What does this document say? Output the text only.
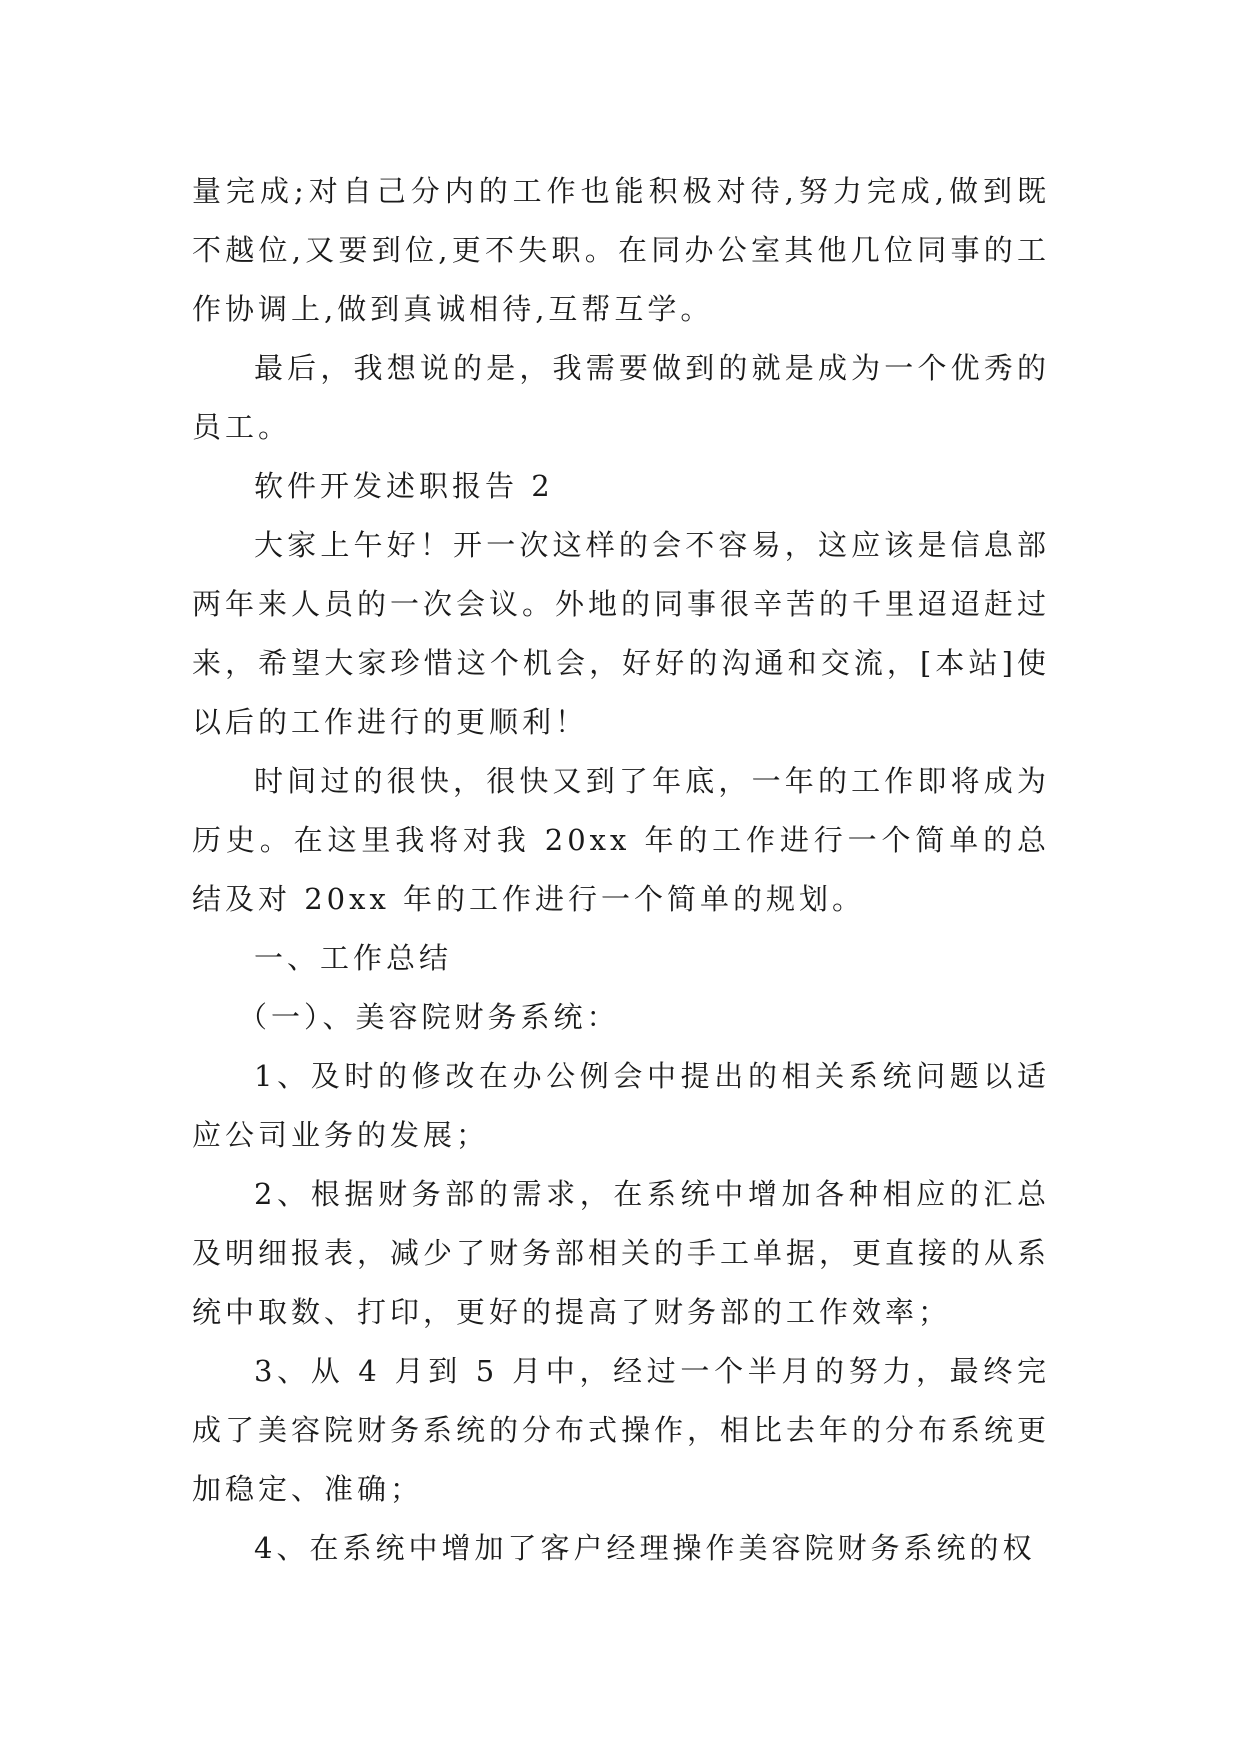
量完成;对自己分内的工作也能积极对待,努力完成,做到既不越位,又要到位,更不失职。在同办公室其他几位同事的工作协调上,做到真诚相待,互帮互学。

最后，我想说的是，我需要做到的就是成为一个优秀的员工。

软件开发述职报告 2

大家上午好！开一次这样的会不容易，这应该是信息部两年来人员的一次会议。外地的同事很辛苦的千里迢迢赶过来，希望大家珍惜这个机会，好好的沟通和交流，[本站]使以后的工作进行的更顺利！

时间过的很快，很快又到了年底，一年的工作即将成为历史。在这里我将对我 20xx 年的工作进行一个简单的总结及对 20xx 年的工作进行一个简单的规划。

一、工作总结

（一）、美容院财务系统：

1、及时的修改在办公例会中提出的相关系统问题以适应公司业务的发展；

2、根据财务部的需求，在系统中增加各种相应的汇总及明细报表，减少了财务部相关的手工单据，更直接的从系统中取数、打印，更好的提高了财务部的工作效率；

3、从 4 月到 5 月中，经过一个半月的努力，最终完成了美容院财务系统的分布式操作，相比去年的分布系统更加稳定、准确；

4、在系统中增加了客户经理操作美容院财务系统的权
